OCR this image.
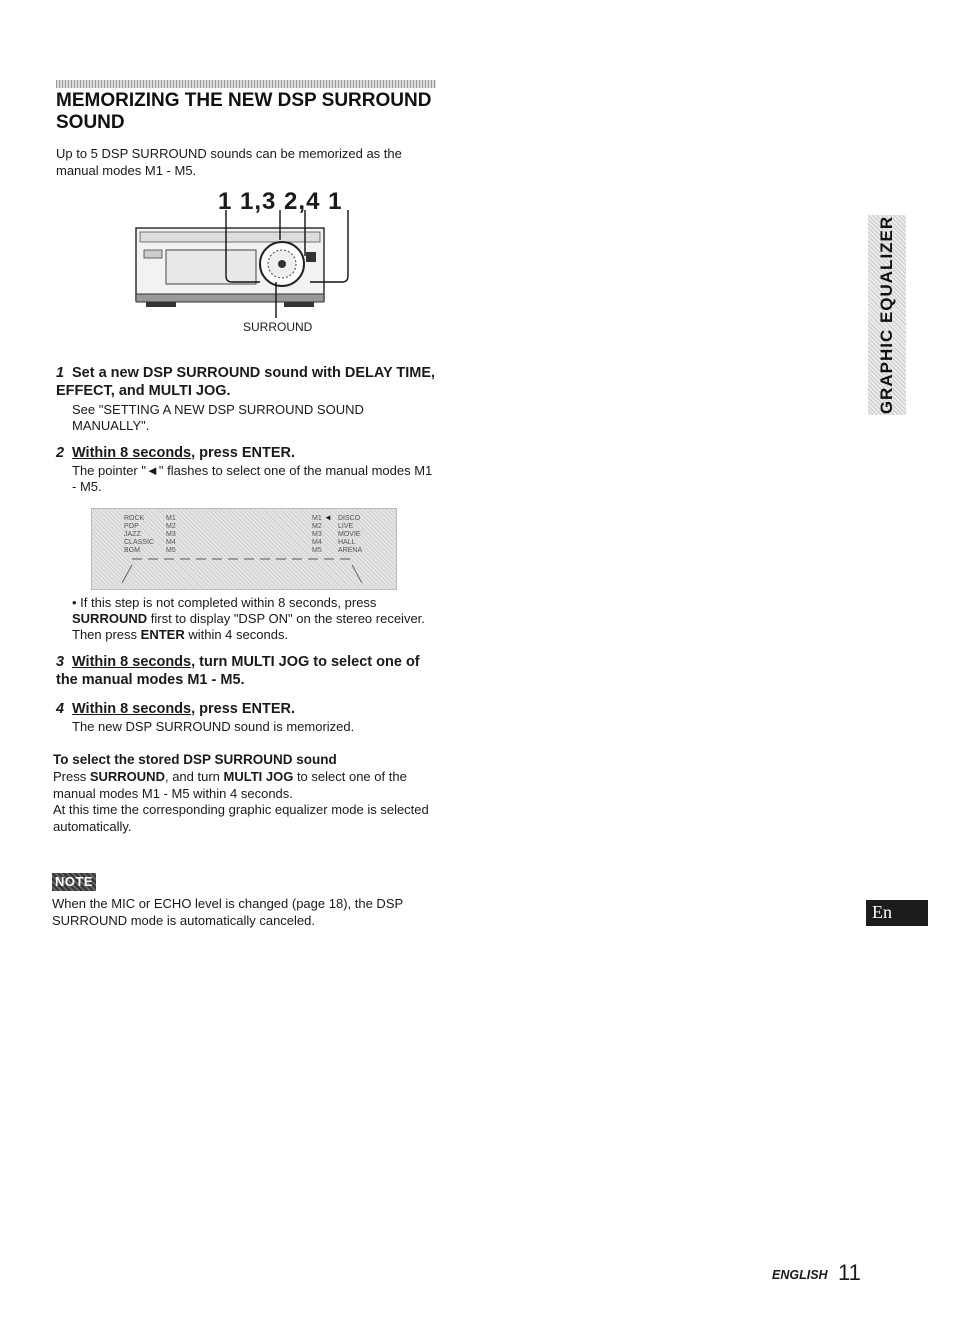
MEMORIZING THE NEW DSP SURROUND SOUND
Up to 5 DSP SURROUND sounds can be memorized as the manual modes M1 - M5.
1 1,3 2,4 1
SURROUND
1 Set a new DSP SURROUND sound with DELAY TIME, EFFECT, and MULTI JOG.
See "SETTING A NEW DSP SURROUND SOUND MANUALLY".
2 Within 8 seconds, press ENTER.
The pointer "◄" flashes to select one of the manual modes M1 - M5.
ROCK
POP
JAZZ
CLASSIC
BGM
M1
M2
M3
M4
M5
M1
M2
M3
M4
M5
◄ DISCO
LIVE
MOVIE
HALL
ARENA
• If this step is not completed within 8 seconds, press SURROUND first to display "DSP ON" on the stereo receiver. Then press ENTER within 4 seconds.
3 Within 8 seconds, turn MULTI JOG to select one of the manual modes M1 - M5.
4 Within 8 seconds, press ENTER.
The new DSP SURROUND sound is memorized.
To select the stored DSP SURROUND sound
Press SURROUND, and turn MULTI JOG to select one of the manual modes M1 - M5 within 4 seconds.
At this time the corresponding graphic equalizer mode is selected automatically.
NOTE
When the MIC or ECHO level is changed (page 18), the DSP SURROUND mode is automatically canceled.
GRAPHIC EQUALIZER
En
ENGLISH 11
